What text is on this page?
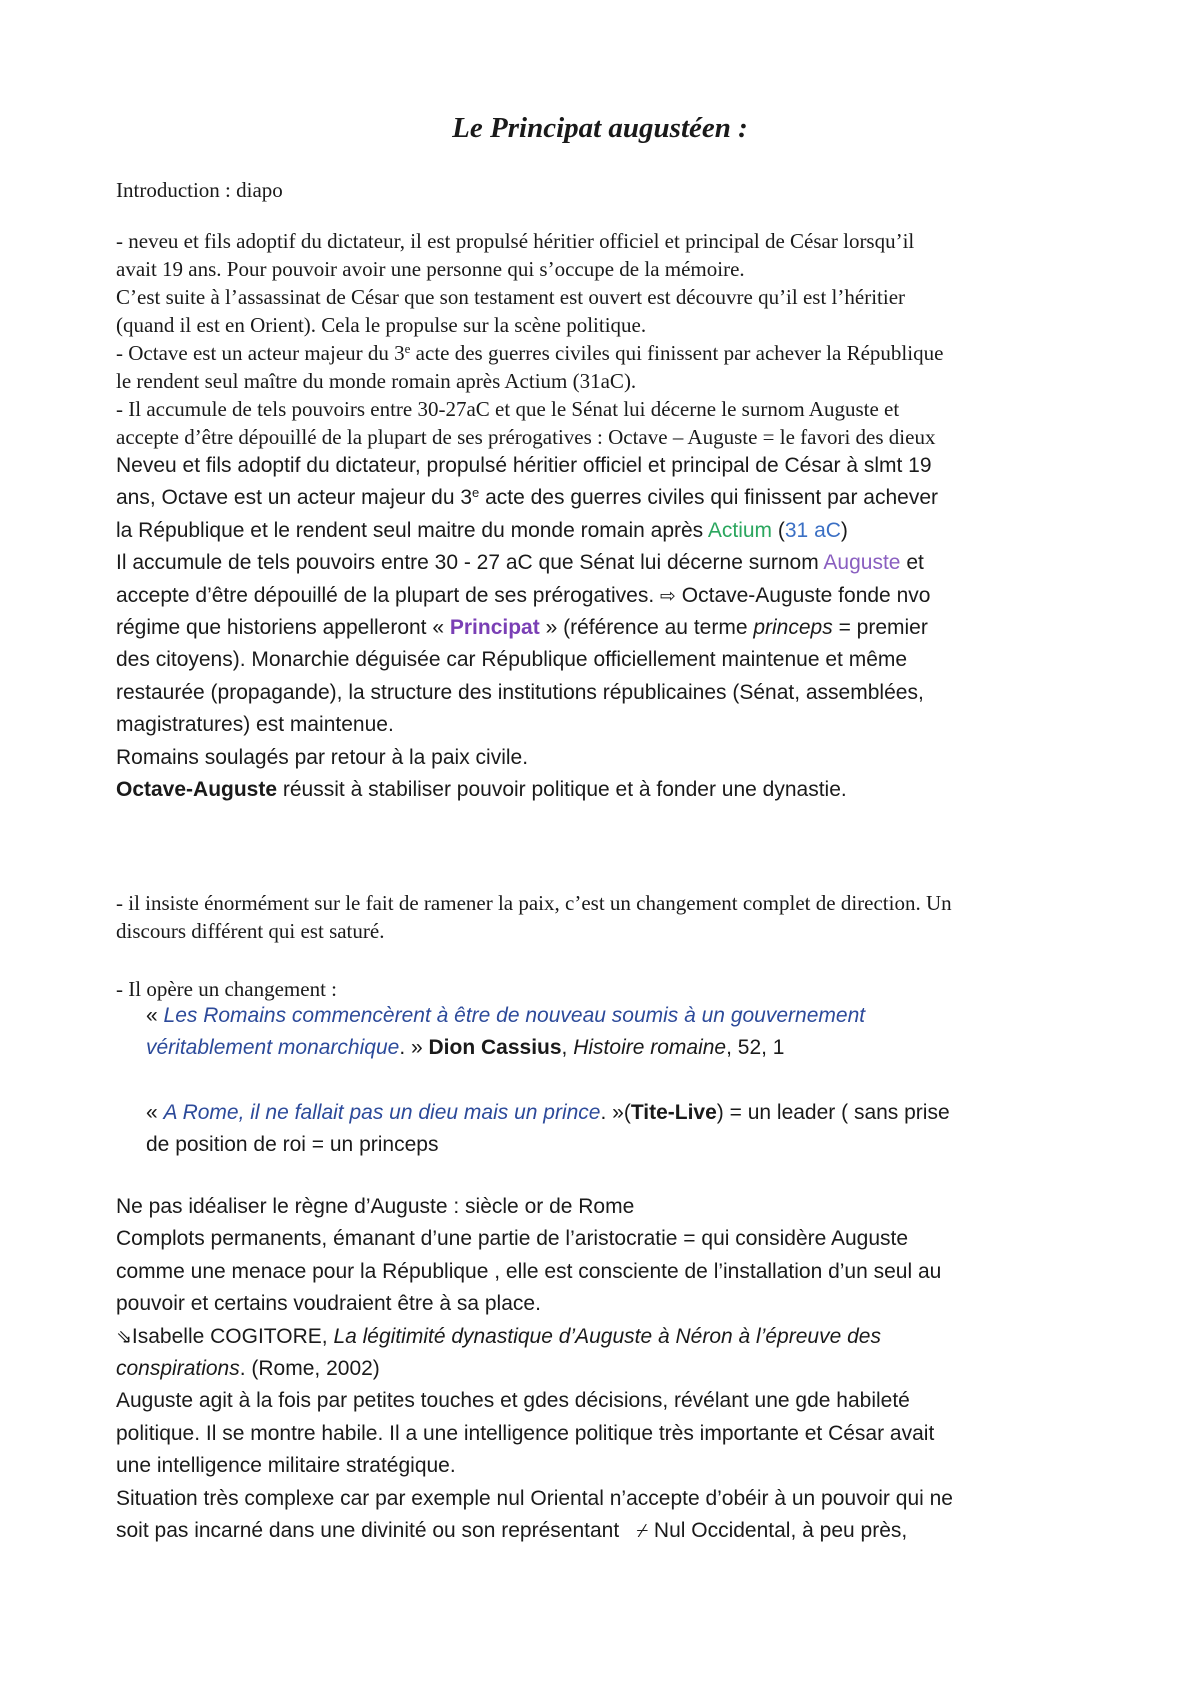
Le Principat augustéen :
Introduction : diapo
- neveu et fils adoptif du dictateur, il est propulsé héritier officiel et principal de César lorsqu’il
avait 19 ans. Pour pouvoir avoir une personne qui s’occupe de la mémoire.
C’est suite à l’assassinat de César que son testament est ouvert est découvre qu’il est l’héritier
(quand il est en Orient). Cela le propulse sur la scène politique.
- Octave est un acteur majeur du 3e acte des guerres civiles qui finissent par achever la République
le rendent seul maître du monde romain après Actium (31aC).
- Il accumule de tels pouvoirs entre 30-27aC et que le Sénat lui décerne le surnom Auguste et
accepte d’être dépouillé de la plupart de ses prérogatives : Octave – Auguste = le favori des dieux
Neveu et fils adoptif du dictateur, propulsé héritier officiel et principal de César à slmt 19
ans, Octave est un acteur majeur du 3e acte des guerres civiles qui finissent par achever
la République et le rendent seul maitre du monde romain après Actium (31 aC)
Il accumule de tels pouvoirs entre 30 - 27 aC que Sénat lui décerne surnom Auguste et
accepte d’être dépouillé de la plupart de ses prérogatives. ⇨ Octave-Auguste fonde nvo
régime que historiens appelleront « Principat » (référence au terme princeps = premier
des citoyens). Monarchie déguisée car République officiellement maintenue et même
restaurée (propagande), la structure des institutions républicaines (Sénat, assemblées,
magistratures) est maintenue.
Romains soulagés par retour à la paix civile.
Octave-Auguste réussit à stabiliser pouvoir politique et à fonder une dynastie.
- il insiste énormément sur le fait de ramener la paix, c’est un changement complet de direction. Un
discours différent qui est saturé.
- Il opère un changement :
« Les Romains commencèrent à être de nouveau soumis à un gouvernement
véritablement monarchique. » Dion Cassius, Histoire romaine, 52, 1
« A Rome, il ne fallait pas un dieu mais un prince. »(Tite-Live) = un leader ( sans prise
de position de roi = un princeps
Ne pas idéaliser le règne d’Auguste : siècle or de Rome
Complots permanents, émanant d’une partie de l’aristocratie = qui considère Auguste
comme une menace pour la République , elle est consciente de l’installation d’un seul au
pouvoir et certains voudraient être à sa place.
⇘Isabelle COGITORE, La légitimité dynastique d’Auguste à Néron à l’épreuve des
conspirations. (Rome, 2002)
Auguste agit à la fois par petites touches et gdes décisions, révélant une gde habileté
politique. Il se montre habile. Il a une intelligence politique très importante et César avait
une intelligence militaire stratégique.
Situation très complexe car par exemple nul Oriental n’accepte d’obéir à un pouvoir qui ne
soit pas incarné dans une divinité ou son représentant   ⌿ Nul Occidental, à peu près,
